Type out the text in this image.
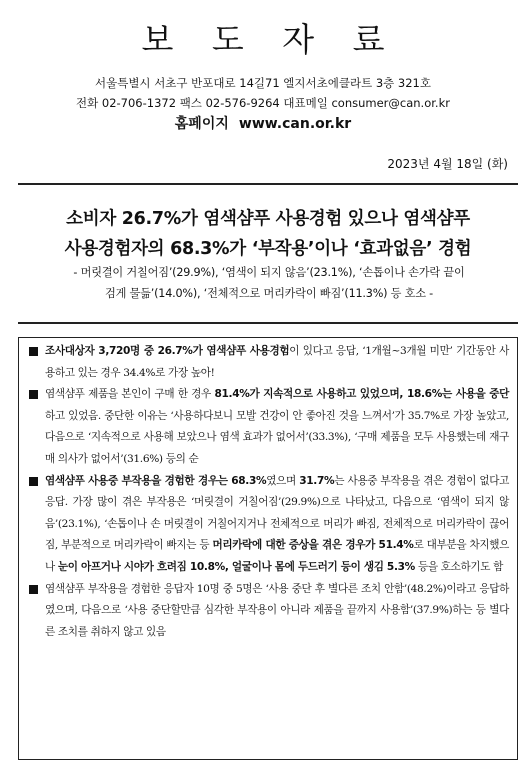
보 도 자 료
서울특별시 서초구 반포대로 14길71 엘지서초에클라트 3층 321호
전화 02-706-1372 팩스 02-576-9264 대표메일 consumer@can.or.kr
홈페이지 www.can.or.kr
2023년 4월 18일 (화)
소비자 26.7%가 염색샴푸 사용경험 있으나 염색샴푸
사용경험자의 68.3%가 ‘부작용’이나 ‘효과없음’ 경험
- 머릿결이 거칠어짐’(29.9%), ‘염색이 되지 않음’(23.1%), ‘손톱이나 손가락 끝이
검게 물듦’(14.0%), ‘전체적으로 머리카락이 빠짐’(11.3%) 등 호소 -
조사대상자 3,720명 중 26.7%가 염색샴푸 사용경험이 있다고 응답, ‘1개월~3개월 미만’ 기간동안 사용하고 있는 경우 34.4%로 가장 높아!
염색샴푸 제품을 본인이 구매 한 경우 81.4%가 지속적으로 사용하고 있었으며, 18.6%는 사용을 중단하고 있었음. 중단한 이유는 ‘사용하다보니 모발 건강이 안 좋아진 것을 느껴서’가 35.7%로 가장 높았고, 다음으로 ‘지속적으로 사용해 보았으나 염색 효과가 없어서’(33.3%), ‘구매 제품을 모두 사용했는데 재구매 의사가 없어서’(31.6%) 등의 순
염색샴푸 사용중 부작용을 경험한 경우는 68.3%였으며 31.7%는 사용중 부작용을 겪은 경험이 없다고 응답. 가장 많이 겪은 부작용은 ‘머릿결이 거칠어짐’(29.9%)으로 나타났고, 다음으로 ‘염색이 되지 않음’(23.1%), ‘손톱이나 손 머릿결이 거칠어지거나 전체적으로 머리가 빠짐, 전체적으로 머리카락이 끊어짐, 부분적으로 머리카락이 빠지는 등 머리카락에 대한 증상을 겪은 경우가 51.4%로 대부분을 차지했으나 눈이 아프거나 시야가 흐려짐 10.8%, 얼굴이나 몸에 두드러기 등이 생김 5.3% 등을 호소하기도 함
염색샴푸 부작용을 경험한 응답자 10명 중 5명은 ‘사용 중단 후 별다른 조치 안함’(48.2%)이라고 응답하였으며, 다음으로 ‘사용 중단할만큼 심각한 부작용이 아니라 제품을 끝까지 사용함’(37.9%)하는 등 별다른 조치를 취하지 않고 있음
